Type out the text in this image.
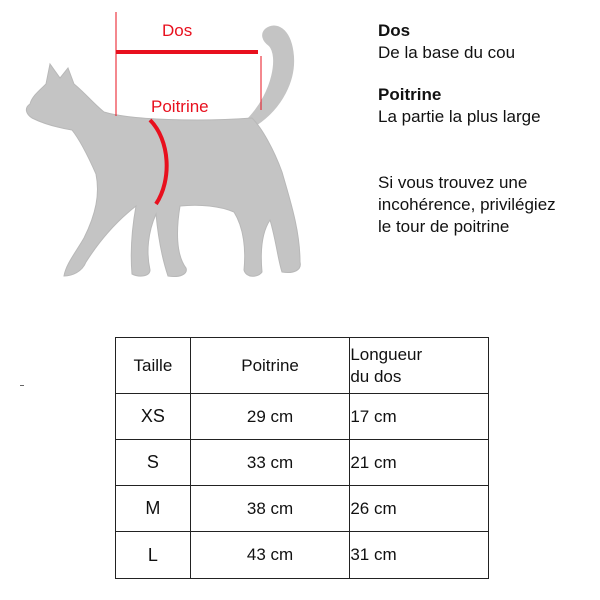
Dos
Poitrine
Dos
De la base du cou
Poitrine
La partie la plus large
Si vous trouvez une
incohérence, privilégiez
le tour de poitrine
Taille	Poitrine	Longueur
du dos

XS	29 cm	17 cm
S	33 cm	21 cm
M	38 cm	26 cm
L	43 cm	31 cm
